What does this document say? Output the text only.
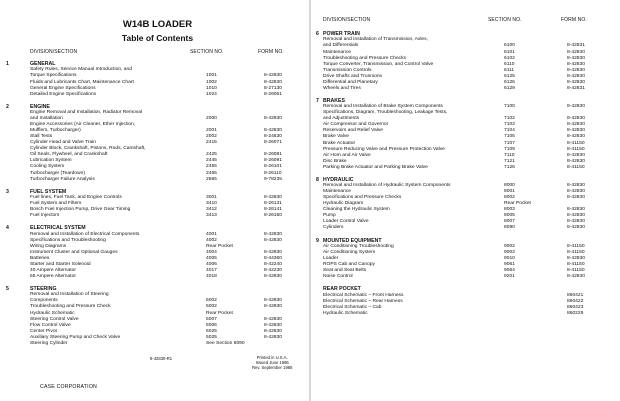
W14B LOADER
Table of Contents
DIVISION/SECTION	SECTION NO.	FORM NO.
1	GENERAL
Safety Rules, Service Manual Introduction, and
Torque Specifications	1001	8-42830
Fluids and Lubricants Chart, Maintenance Chart	1002	8-42830
General Engine Specifications	1010	8-27130
Detailed Engine Specifications	1024	8-26061
2	ENGINE
Engine Removal and Installation, Radiator Removal
and Installation	2000	8-42830
Engine Accessories (Air Cleaner, Ether Injection,
Mufflers, Turbocharger)	2001	8-42830
Stall Tests	2002	8-24630
Cylinder Head and Valve Train	2415	8-26071
Cylinder Block, Crankshaft, Pistons, Rods, Camshaft,
Oil Seals, Flywheel, and Crankshaft	2425	8-26081
Lubrication System	2445	8-26091
Cooling System	2455	8-26101
Turbocharger (Teardown)	2465	8-26110
Turbocharger Failure Analysis	2565	9-78235
3	FUEL SYSTEM
Fuel lines, Fuel Tank, and Engine Controls	3001	8-42830
Fuel System and Filters	3410	8-26131
Bosch Fuel Injection Pump, Drive Gear Timing	3412	8-26141
Fuel Injectors	3413	8-26150
4	ELECTRICAL SYSTEM
Removal and Installation of Electrical Components	4001	8-42830
Specifications and Troubleshooting	4002	8-42830
Wiring Diagrams	Rear Pocket
Instrument Cluster and Optional Gauges	4004	8-42830
Batteries	4005	8-44360
Starter and Starter Solenoid	4006	8-42240
40 Ampere Alternator	4017	8-42230
65 Ampere Alternator	4018	8-42830
5	STEERING
Removal and Installation of Steering
Components	5002	8-42830
Troubleshooting and Pressure Check	5002	8-42830
Hydraulic Schematic	Rear Pocket
Steering Control Valve	5007	8-42830
Flow Control Valve	5006	8-42830
Center Pivot	5025	8-42830
Auxiliary Steering Pump and Check Valve	5025	8-42830
Steering Cylinder	See Section 8090
DIVISION/SECTION	SECTION NO.	FORM NO.
6 POWER TRAIN
Removal and Installation of Transmission, Axles,
and Differentials	6100	8-42831
Maintenance	6101	8-42830
Troubleshooting and Pressure Checks	6102	8-42830
Torque Converter, Transmission, and Control Valve	6110	8-42830
Transmission Controls	6111	8-42830
Drive Shafts and Trunnions	6125	8-42830
Differential and Planetary	6126	8-42830
Wheels and Tires	6129	8-42831
7 BRAKES
Removal and Installation of Brake System Components	7100	8-42830
Specifications, Diagram, Troubleshooting, Leakage Tests,
and Adjustments	7102	8-42830
Air Compressor and Governor	7103	8-42830
Reservoirs and Relief Valve	7104	8-42830
Brake Valve	7105	8-42830
Brake Actuator	7107	8-41150
Pressure Reducing Valve and Pressure Protection Valve	7109	8-41150
Air Horn and Air Valve	7110	8-42830
Disc Brake	7121	8-42830
Parking Brake Actuator and Parking Brake Valve	7126	8-41150
8 HYDRAULIC
Removal and Installation of Hydraulic System Components	8000	8-42830
Maintenance	8001	8-42830
Specifications and Pressure Checks	8002	8-42830
Hydraulic Diagram	Rear Pocket
Cleaning the Hydraulic System	8003	8-42830
Pump	8005	8-42830
Loader Control Valve	8007	8-42830
Cylinders	8090	8-42830
9 MOUNTED EQUIPMENT
Air Conditioning Troubleshooting	9002	8-41150
Air Conditioning System	9003	8-41150
Loader	9010	8-42830
ROPS Cab and Canopy	9061	8-41150
Seat and Seat Belts	9064	8-41150
Noise Control	9201	8-42830
REAR POCKET
Electrical Schematic – Front Harness	860421
Electrical Schematic – Rear Harness	860422
Electrical Schematic – Cab	860423
Hydraulic Schematic	860229
8-42830-R1	Printed in U.S.A.
Issued June 1986
Rev. September 1986
CASE CORPORATION
